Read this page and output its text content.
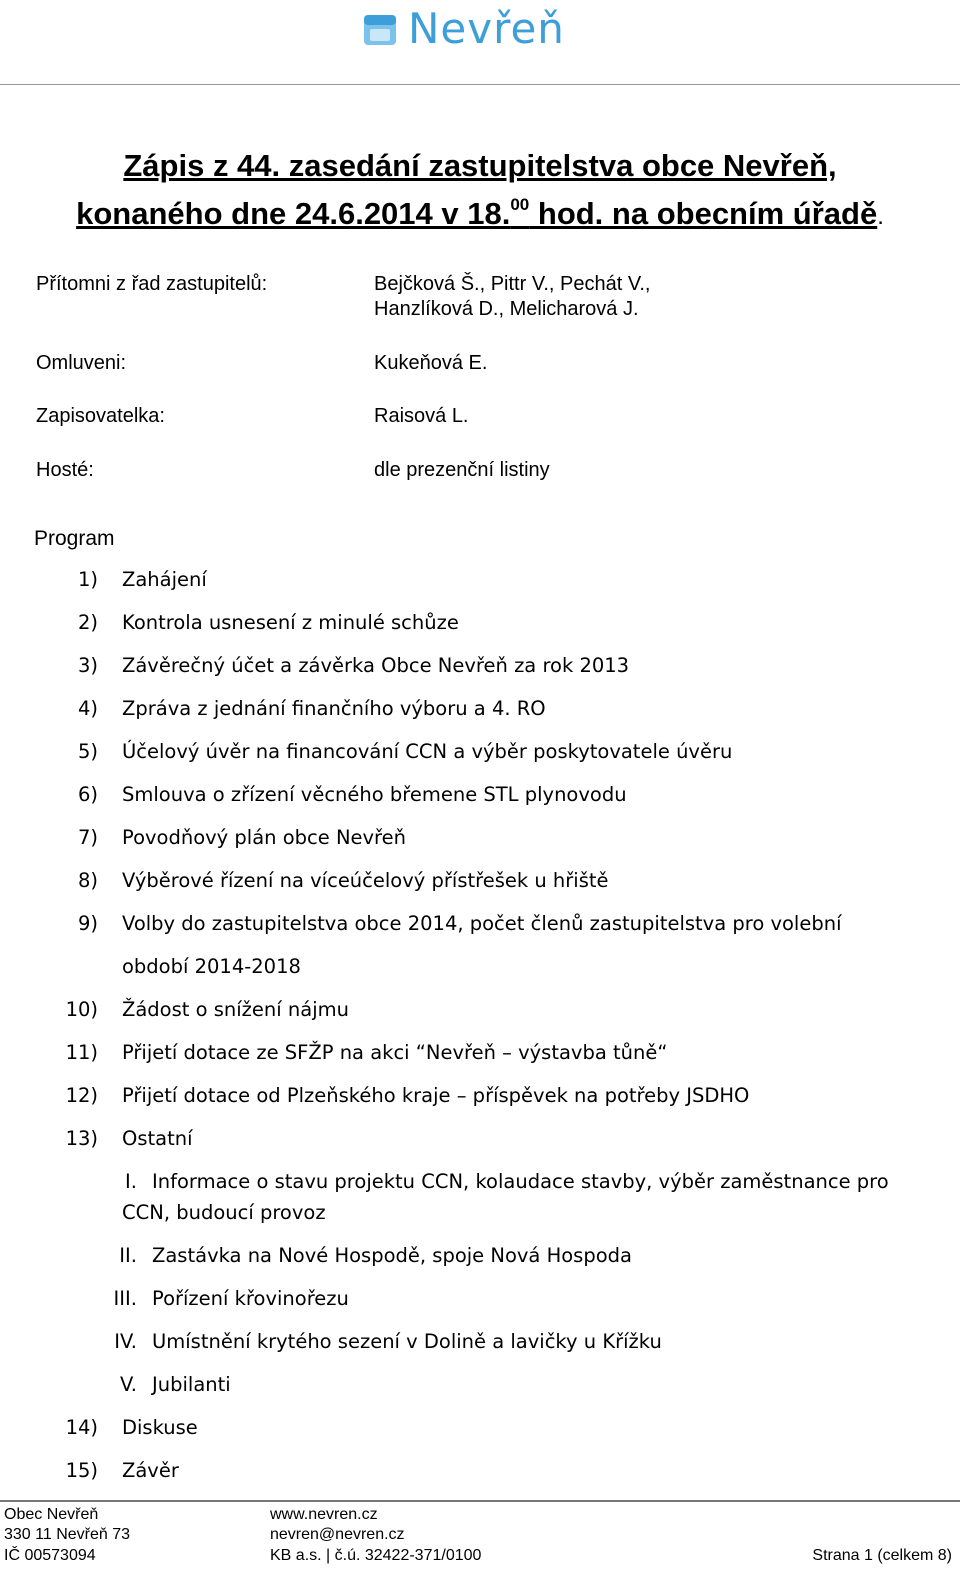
Nevřeň
Zápis z 44. zasedání zastupitelstva obce Nevřeň,
konaného dne 24.6.2014 v 18.00 hod. na obecním úřadě.
Přítomni z řad zastupitelů:	Bejčková Š., Pittr V., Pechát V.,
Hanzlíková D., Melicharová J.
Omluveni:	Kukeňová E.
Zapisovatelka:	Raisová L.
Hosté:	dle prezenční listiny
Program
1) Zahájení
2) Kontrola usnesení z minulé schůze
3) Závěrečný účet a závěrka Obce Nevřeň za rok 2013
4) Zpráva z jednání finančního výboru a 4. RO
5) Účelový úvěr na financování CCN a výběr poskytovatele úvěru
6) Smlouva o zřízení věcného břemene STL plynovodu
7) Povodňový plán obce Nevřeň
8) Výběrové řízení na víceúčelový přístřešek u hřiště
9) Volby do zastupitelstva obce 2014, počet členů zastupitelstva pro volební
období 2014-2018
10) Žádost o snížení nájmu
11) Přijetí dotace ze SFŽP na akci “Nevřeň – výstavba tůně“
12) Přijetí dotace od Plzeňského kraje – příspěvek na potřeby JSDHO
13) Ostatní
I. Informace o stavu projektu CCN, kolaudace stavby, výběr zaměstnance pro
CCN, budoucí provoz
II. Zastávka na Nové Hospodě, spoje Nová Hospoda
III. Pořízení křovinořezu
IV. Umístnění krytého sezení v Dolině a lavičky u Křížku
V. Jubilanti
14) Diskuse
15) Závěr
Obec Nevřeň
330 11 Nevřeň 73
IČ 00573094
www.nevren.cz
nevren@nevren.cz
KB a.s. | č.ú. 32422-371/0100	Strana 1 (celkem 8)
